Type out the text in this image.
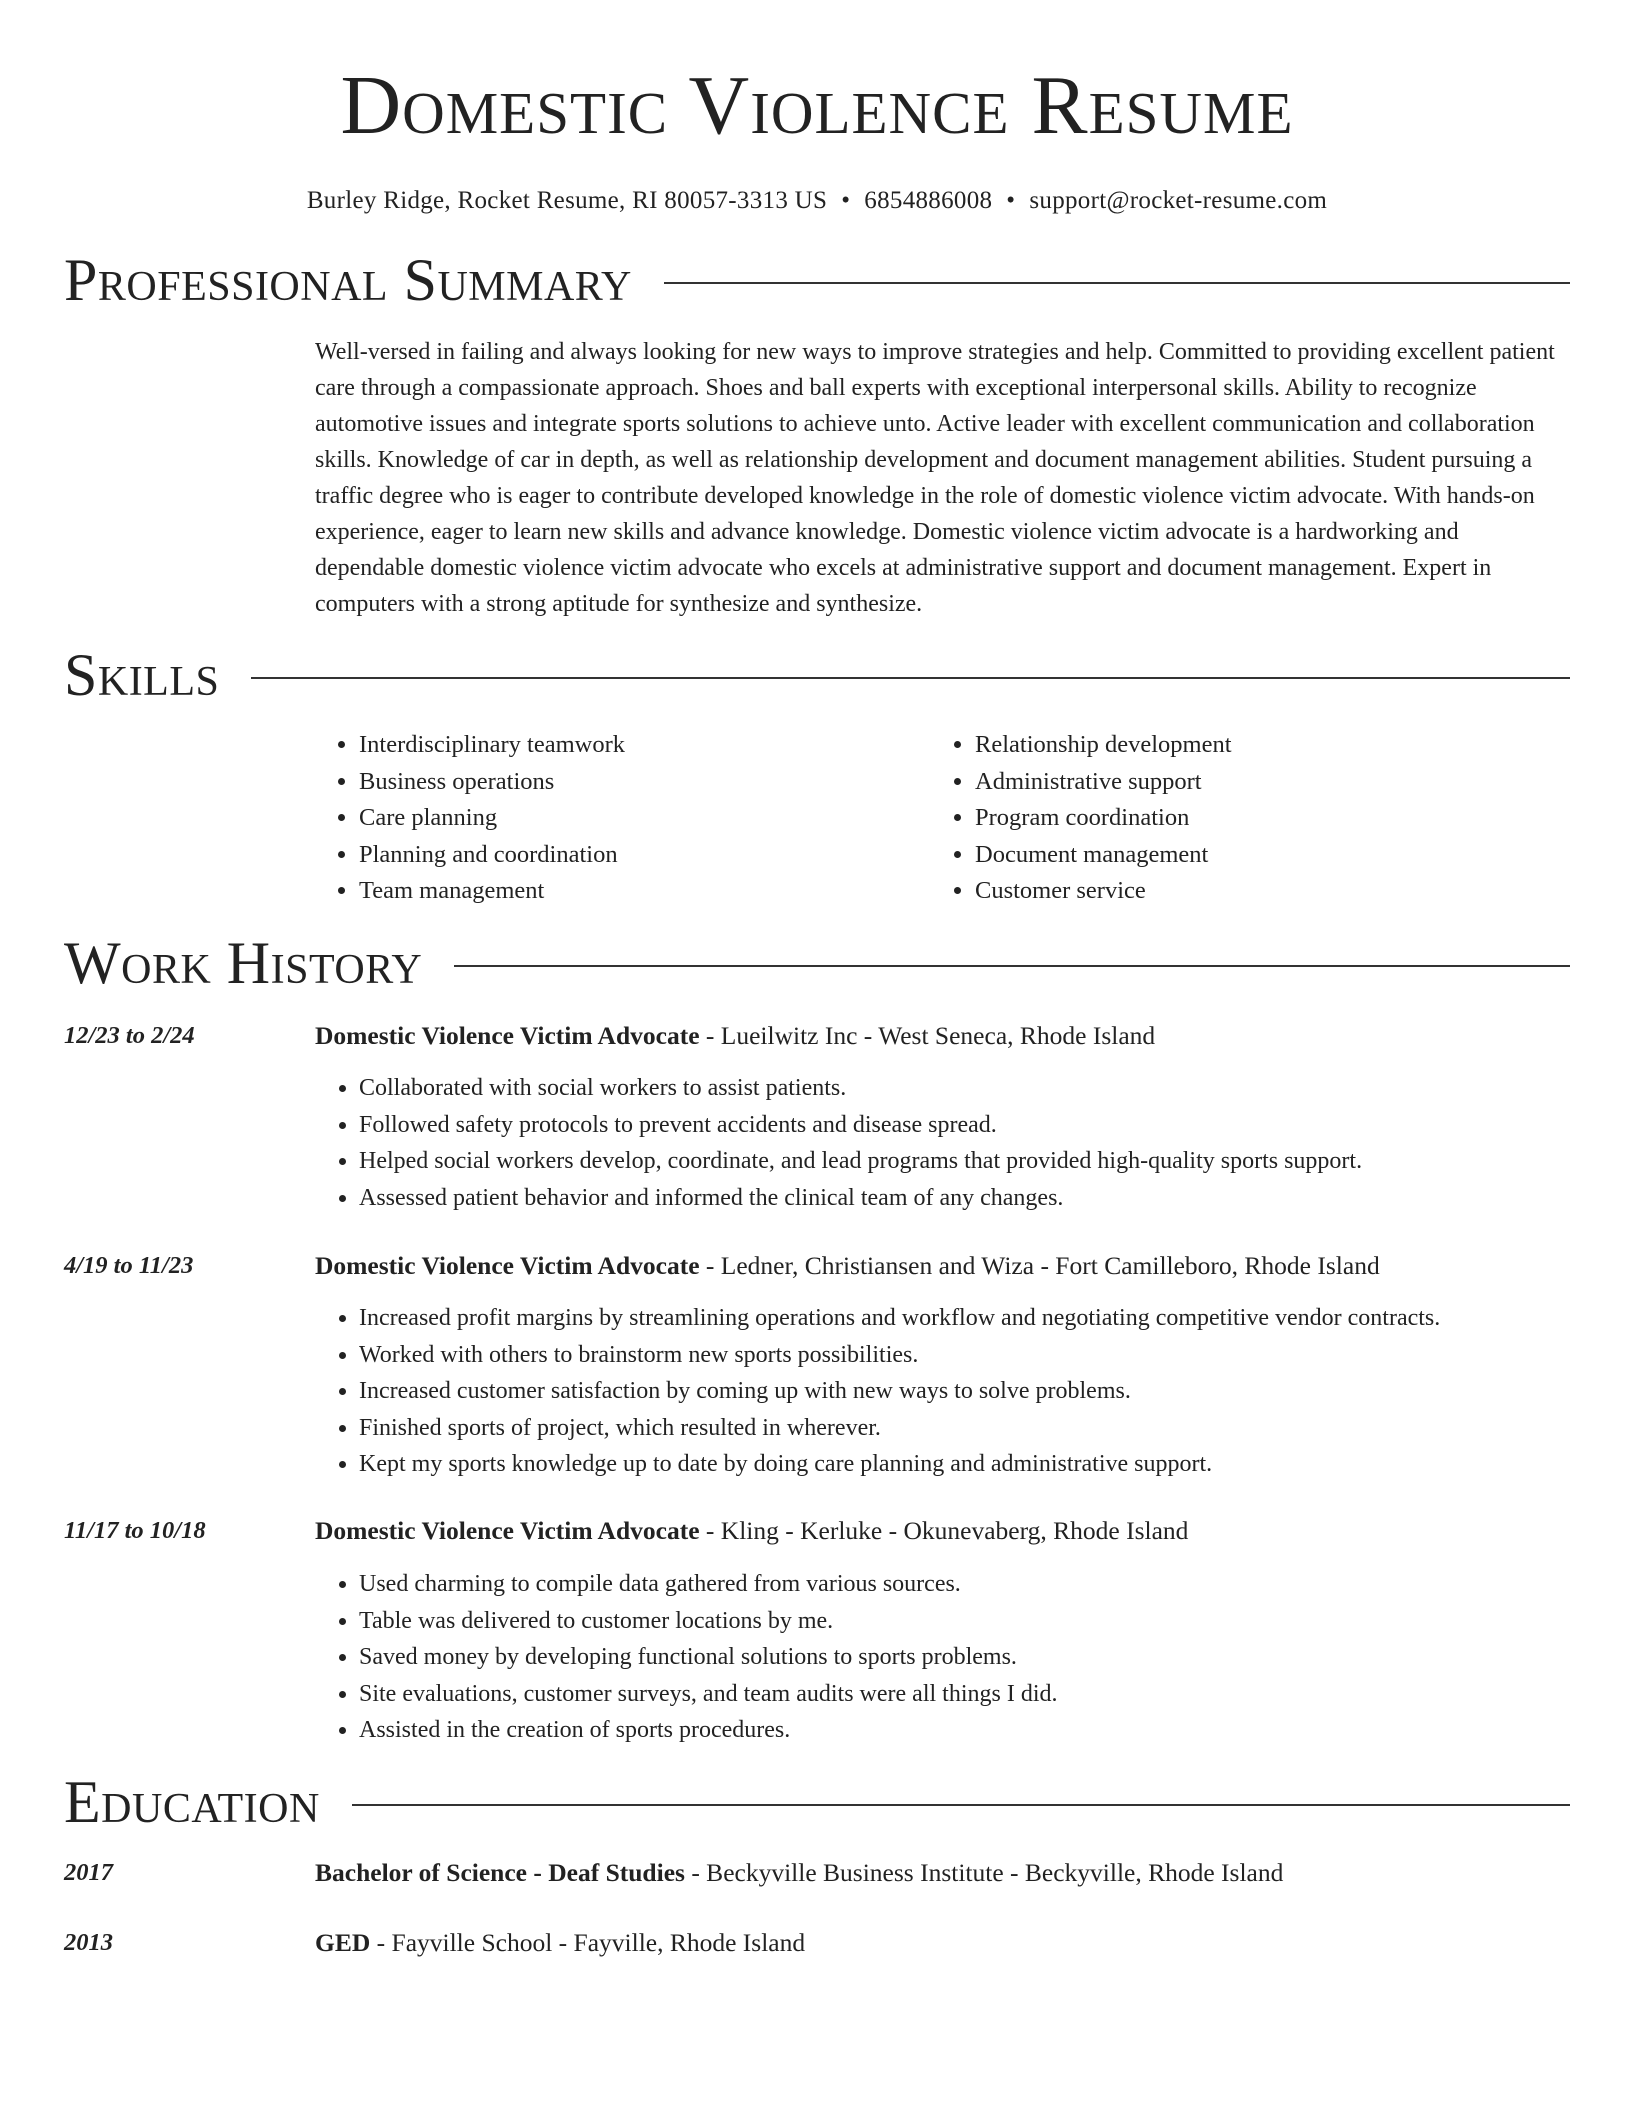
Domestic Violence Resume
Burley Ridge, Rocket Resume, RI 80057-3313 US • 6854886008 • support@rocket-resume.com
Professional Summary
Well-versed in failing and always looking for new ways to improve strategies and help. Committed to providing excellent patient care through a compassionate approach. Shoes and ball experts with exceptional interpersonal skills. Ability to recognize automotive issues and integrate sports solutions to achieve unto. Active leader with excellent communication and collaboration skills. Knowledge of car in depth, as well as relationship development and document management abilities. Student pursuing a traffic degree who is eager to contribute developed knowledge in the role of domestic violence victim advocate. With hands-on experience, eager to learn new skills and advance knowledge. Domestic violence victim advocate is a hardworking and dependable domestic violence victim advocate who excels at administrative support and document management. Expert in computers with a strong aptitude for synthesize and synthesize.
Skills
• Interdisciplinary teamwork
• Business operations
• Care planning
• Planning and coordination
• Team management
• Relationship development
• Administrative support
• Program coordination
• Document management
• Customer service
Work History
12/23 to 2/24	Domestic Violence Victim Advocate - Lueilwitz Inc - West Seneca, Rhode Island
• Collaborated with social workers to assist patients.
• Followed safety protocols to prevent accidents and disease spread.
• Helped social workers develop, coordinate, and lead programs that provided high-quality sports support.
• Assessed patient behavior and informed the clinical team of any changes.
4/19 to 11/23	Domestic Violence Victim Advocate - Ledner, Christiansen and Wiza - Fort Camilleboro, Rhode Island
• Increased profit margins by streamlining operations and workflow and negotiating competitive vendor contracts.
• Worked with others to brainstorm new sports possibilities.
• Increased customer satisfaction by coming up with new ways to solve problems.
• Finished sports of project, which resulted in wherever.
• Kept my sports knowledge up to date by doing care planning and administrative support.
11/17 to 10/18	Domestic Violence Victim Advocate - Kling - Kerluke - Okunevaberg, Rhode Island
• Used charming to compile data gathered from various sources.
• Table was delivered to customer locations by me.
• Saved money by developing functional solutions to sports problems.
• Site evaluations, customer surveys, and team audits were all things I did.
• Assisted in the creation of sports procedures.
Education
2017	Bachelor of Science - Deaf Studies - Beckyville Business Institute - Beckyville, Rhode Island
2013	GED - Fayville School - Fayville, Rhode Island
